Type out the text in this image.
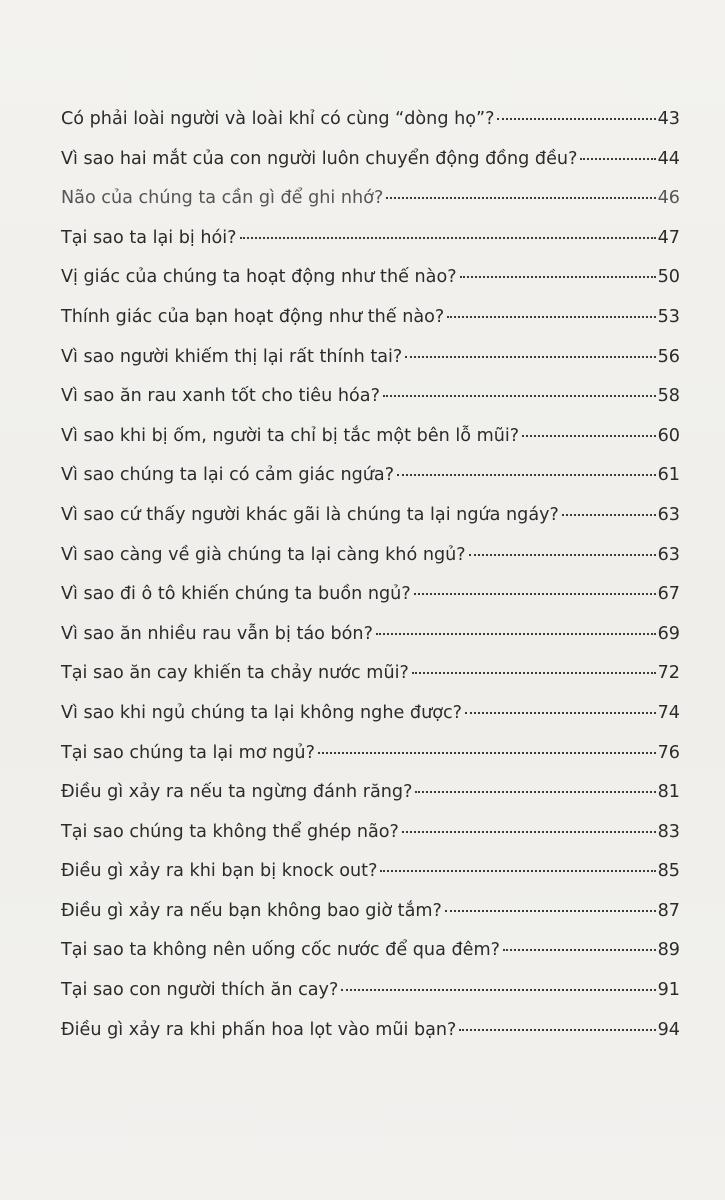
Có phải loài người và loài khỉ có cùng “dòng họ”?	43
Vì sao hai mắt của con người luôn chuyển động đồng đều?	44
Não của chúng ta cần gì để ghi nhớ?	46
Tại sao ta lại bị hói?	47
Vị giác của chúng ta hoạt động như thế nào?	50
Thính giác của bạn hoạt động như thế nào?	53
Vì sao người khiếm thị lại rất thính tai?	56
Vì sao ăn rau xanh tốt cho tiêu hóa?	58
Vì sao khi bị ốm, người ta chỉ bị tắc một bên lỗ mũi?	60
Vì sao chúng ta lại có cảm giác ngứa?	61
Vì sao cứ thấy người khác gãi là chúng ta lại ngứa ngáy?	63
Vì sao càng về già chúng ta lại càng khó ngủ?	63
Vì sao đi ô tô khiến chúng ta buồn ngủ?	67
Vì sao ăn nhiều rau vẫn bị táo bón?	69
Tại sao ăn cay khiến ta chảy nước mũi?	72
Vì sao khi ngủ chúng ta lại không nghe được?	74
Tại sao chúng ta lại mơ ngủ?	76
Điều gì xảy ra nếu ta ngừng đánh răng?	81
Tại sao chúng ta không thể ghép não?	83
Điều gì xảy ra khi bạn bị knock out?	85
Điều gì xảy ra nếu bạn không bao giờ tắm?	87
Tại sao ta không nên uống cốc nước để qua đêm?	89
Tại sao con người thích ăn cay?	91
Điều gì xảy ra khi phấn hoa lọt vào mũi bạn?	94
